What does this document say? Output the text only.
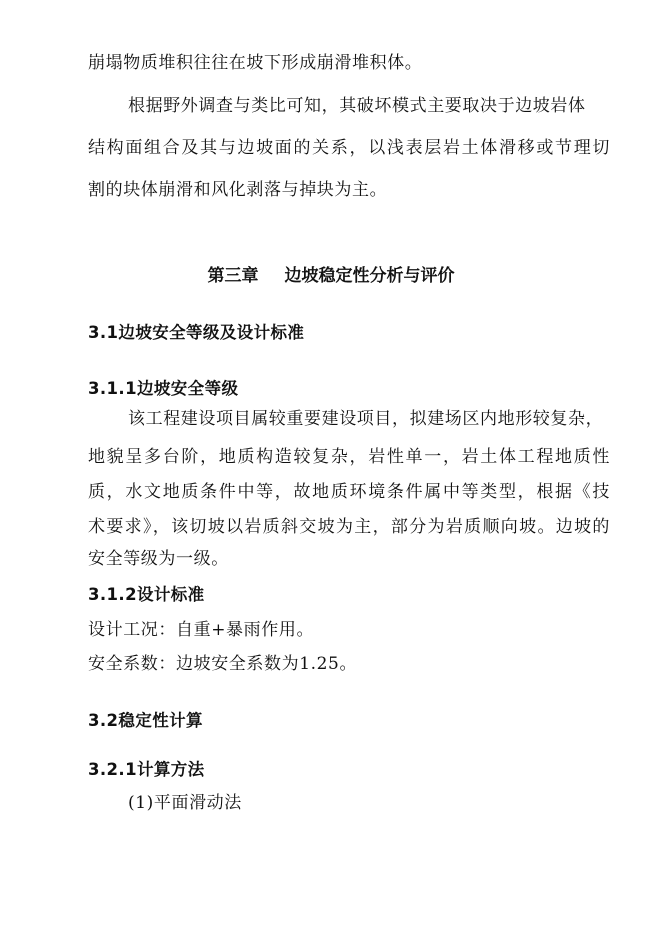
崩塌物质堆积往往在坡下形成崩滑堆积体。
根据野外调查与类比可知，其破坏模式主要取决于边坡岩体
结构面组合及其与边坡面的关系，以浅表层岩土体滑移或节理切
割的块体崩滑和风化剥落与掉块为主。
第三章 边坡稳定性分析与评价
3.1边坡安全等级及设计标准
3.1.1边坡安全等级
该工程建设项目属较重要建设项目，拟建场区内地形较复杂，
地貌呈多台阶，地质构造较复杂，岩性单一，岩土体工程地质性
质，水文地质条件中等，故地质环境条件属中等类型，根据《技
术要求》，该切坡以岩质斜交坡为主，部分为岩质顺向坡。边坡的
安全等级为一级。
3.1.2设计标准
设计工况：自重+暴雨作用。
安全系数：边坡安全系数为1.25。
3.2稳定性计算
3.2.1计算方法
(1)平面滑动法
